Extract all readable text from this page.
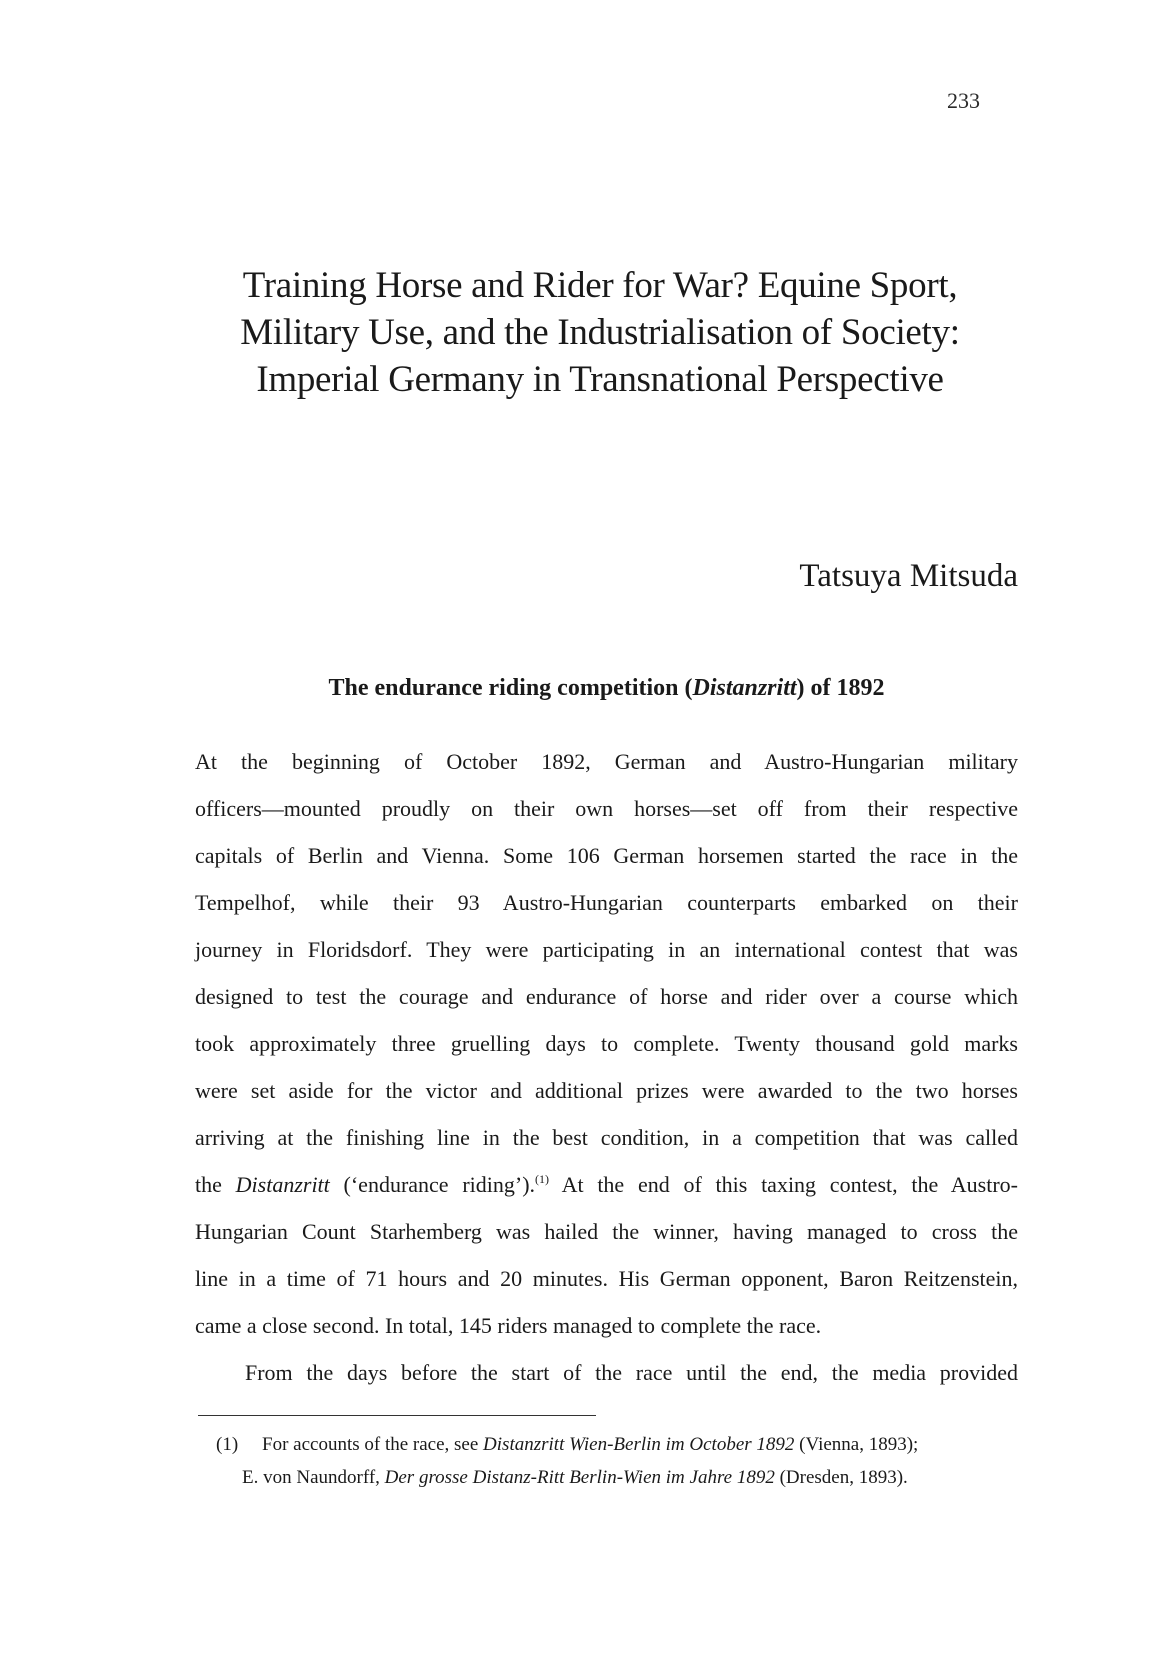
233
Training Horse and Rider for War? Equine Sport,
Military Use, and the Industrialisation of Society:
Imperial Germany in Transnational Perspective
Tatsuya Mitsuda
The endurance riding competition (Distanzritt) of 1892
At the beginning of October 1892, German and Austro-Hungarian military
officers—mounted proudly on their own horses—set off from their respective
capitals of Berlin and Vienna. Some 106 German horsemen started the race in the
Tempelhof, while their 93 Austro-Hungarian counterparts embarked on their
journey in Floridsdorf. They were participating in an international contest that was
designed to test the courage and endurance of horse and rider over a course which
took approximately three gruelling days to complete. Twenty thousand gold marks
were set aside for the victor and additional prizes were awarded to the two horses
arriving at the finishing line in the best condition, in a competition that was called
the Distanzritt (‘endurance riding’).$^{(1)}$ At the end of this taxing contest, the Austro-
Hungarian Count Starhemberg was hailed the winner, having managed to cross the
line in a time of 71 hours and 20 minutes. His German opponent, Baron Reitzenstein,
came a close second. In total, 145 riders managed to complete the race.
From the days before the start of the race until the end, the media provided
(1)	For accounts of the race, see Distanzritt Wien-Berlin im October 1892 (Vienna, 1893);
E. von Naundorff, Der grosse Distanz-Ritt Berlin-Wien im Jahre 1892 (Dresden, 1893).
